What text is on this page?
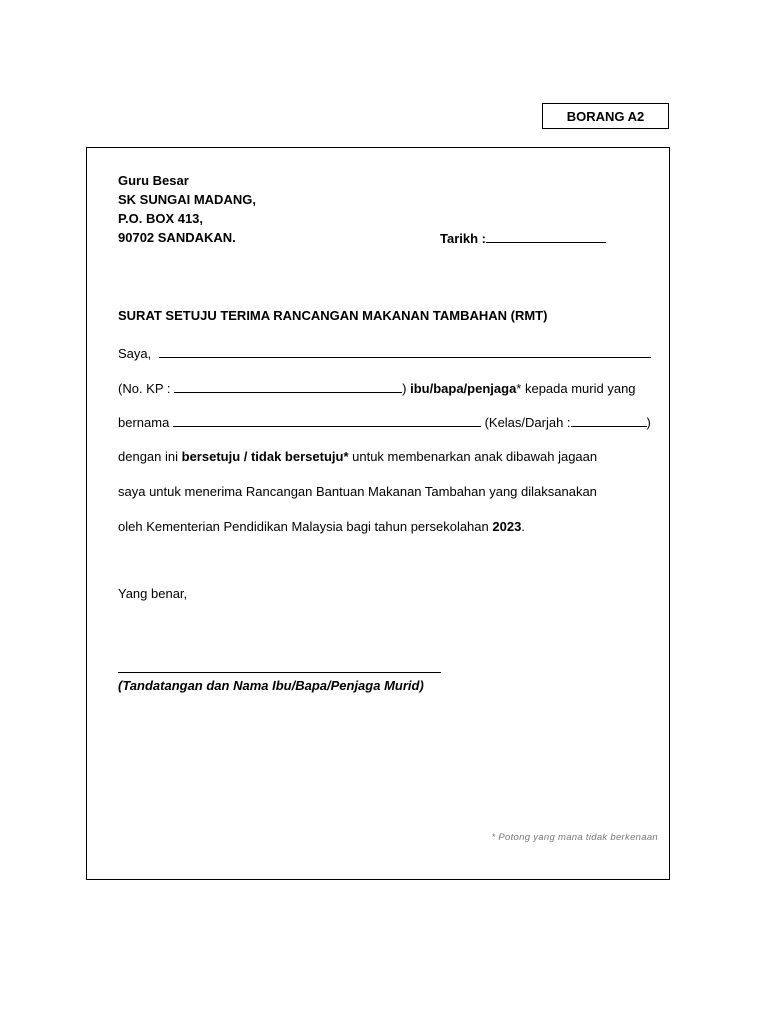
BORANG A2
Guru Besar
SK SUNGAI MADANG,
P.O. BOX 413,
90702 SANDAKAN.	Tarikh :
SURAT SETUJU TERIMA RANCANGAN MAKANAN TAMBAHAN (RMT)
Saya,
(No. KP :	) ibu/bapa/penjaga* kepada murid yang
bernama	(Kelas/Darjah :	)
dengan ini bersetuju / tidak bersetuju* untuk membenarkan anak dibawah jagaan
saya untuk menerima Rancangan Bantuan Makanan Tambahan yang dilaksanakan
oleh Kementerian Pendidikan Malaysia bagi tahun persekolahan 2023.
Yang benar,
(Tandatangan dan Nama Ibu/Bapa/Penjaga Murid)
* Potong yang mana tidak berkenaan
